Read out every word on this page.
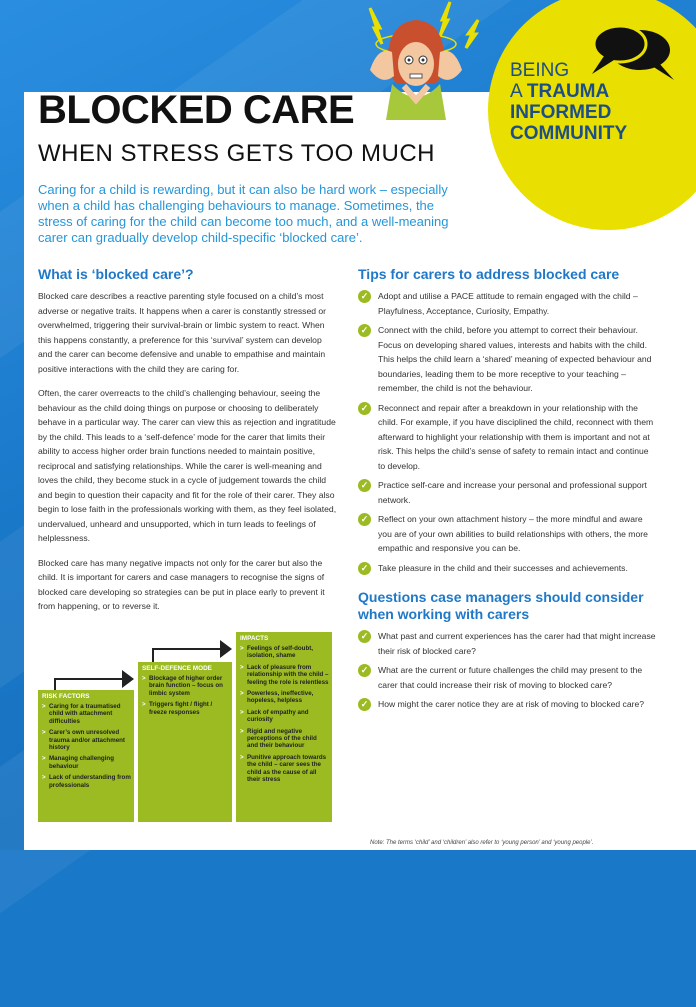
BEING
A TRAUMA
INFORMED
COMMUNITY
BLOCKED CARE
WHEN STRESS GETS TOO MUCH

Caring for a child is rewarding, but it can also be hard work – especially when a child has challenging behaviours to manage. Sometimes, the stress of caring for the child can become too much, and a well-meaning carer can gradually develop child-specific ‘blocked care’.

What is ‘blocked care’?

Blocked care describes a reactive parenting style focused on a child’s most adverse or negative traits. It happens when a carer is constantly stressed or overwhelmed, triggering their survival-brain or limbic system to react. When this happens constantly, a preference for this ‘survival’ system can develop and the carer can become defensive and unable to empathise and maintain positive interactions with the child they are caring for.

Often, the carer overreacts to the child’s challenging behaviour, seeing the behaviour as the child doing things on purpose or choosing to deliberately behave in a particular way. The carer can view this as rejection and ingratitude by the child. This leads to a ‘self-defence’ mode for the carer that limits their ability to access higher order brain functions needed to maintain positive, reciprocal and satisfying relationships. While the carer is well-meaning and loves the child, they become stuck in a cycle of judgement towards the child and begin to question their capacity and fit for the role of their carer. They also begin to lose faith in the professionals working with them, as they feel isolated, undervalued, unheard and unsupported, which in turn leads to feelings of helplessness.

Blocked care has many negative impacts not only for the carer but also the child. It is important for carers and case managers to recognise the signs of blocked care developing so strategies can be put in place early to prevent it from happening, or to reverse it.

RISK FACTORS
> Caring for a traumatised child with attachment difficulties
> Carer’s own unresolved trauma and/or attachment history
> Managing challenging behaviour
> Lack of understanding from professionals
SELF-DEFENCE MODE
> Blockage of higher order brain function – focus on limbic system
> Triggers fight / flight / freeze responses
IMPACTS
> Feelings of self-doubt, isolation, shame
> Lack of pleasure from relationship with the child – feeling the role is relentless
> Powerless, ineffective, hopeless, helpless
> Lack of empathy and curiosity
> Rigid and negative perceptions of the child and their behaviour
> Punitive approach towards the child – carer sees the child as the cause of all their stress
Tips for carers to address blocked care
✓	Adopt and utilise a PACE attitude to remain engaged with the child – Playfulness, Acceptance, Curiosity, Empathy.
✓	Connect with the child, before you attempt to correct their behaviour. Focus on developing shared values, interests and habits with the child. This helps the child learn a ‘shared’ meaning of expected behaviour and boundaries, leading them to be more receptive to your teaching – remember, the child is not the behaviour.
✓	Reconnect and repair after a breakdown in your relationship with the child. For example, if you have disciplined the child, reconnect with them afterward to highlight your relationship with them is important and not at risk. This helps the child’s sense of safety to remain intact and continue to develop.
✓	Practice self-care and increase your personal and professional support network.
✓	Reflect on your own attachment history – the more mindful and aware you are of your own abilities to build relationships with others, the more empathic and responsive you can be.
✓	Take pleasure in the child and their successes and achievements.
Questions case managers should consider when working with carers
✓	What past and current experiences has the carer had that might increase their risk of blocked care?
✓	What are the current or future challenges the child may present to the carer that could increase their risk of moving to blocked care?
✓	How might the carer notice they are at risk of moving to blocked care?
Note: The terms ‘child’ and ‘children’ also refer to ‘young person’ and ‘young people’.
